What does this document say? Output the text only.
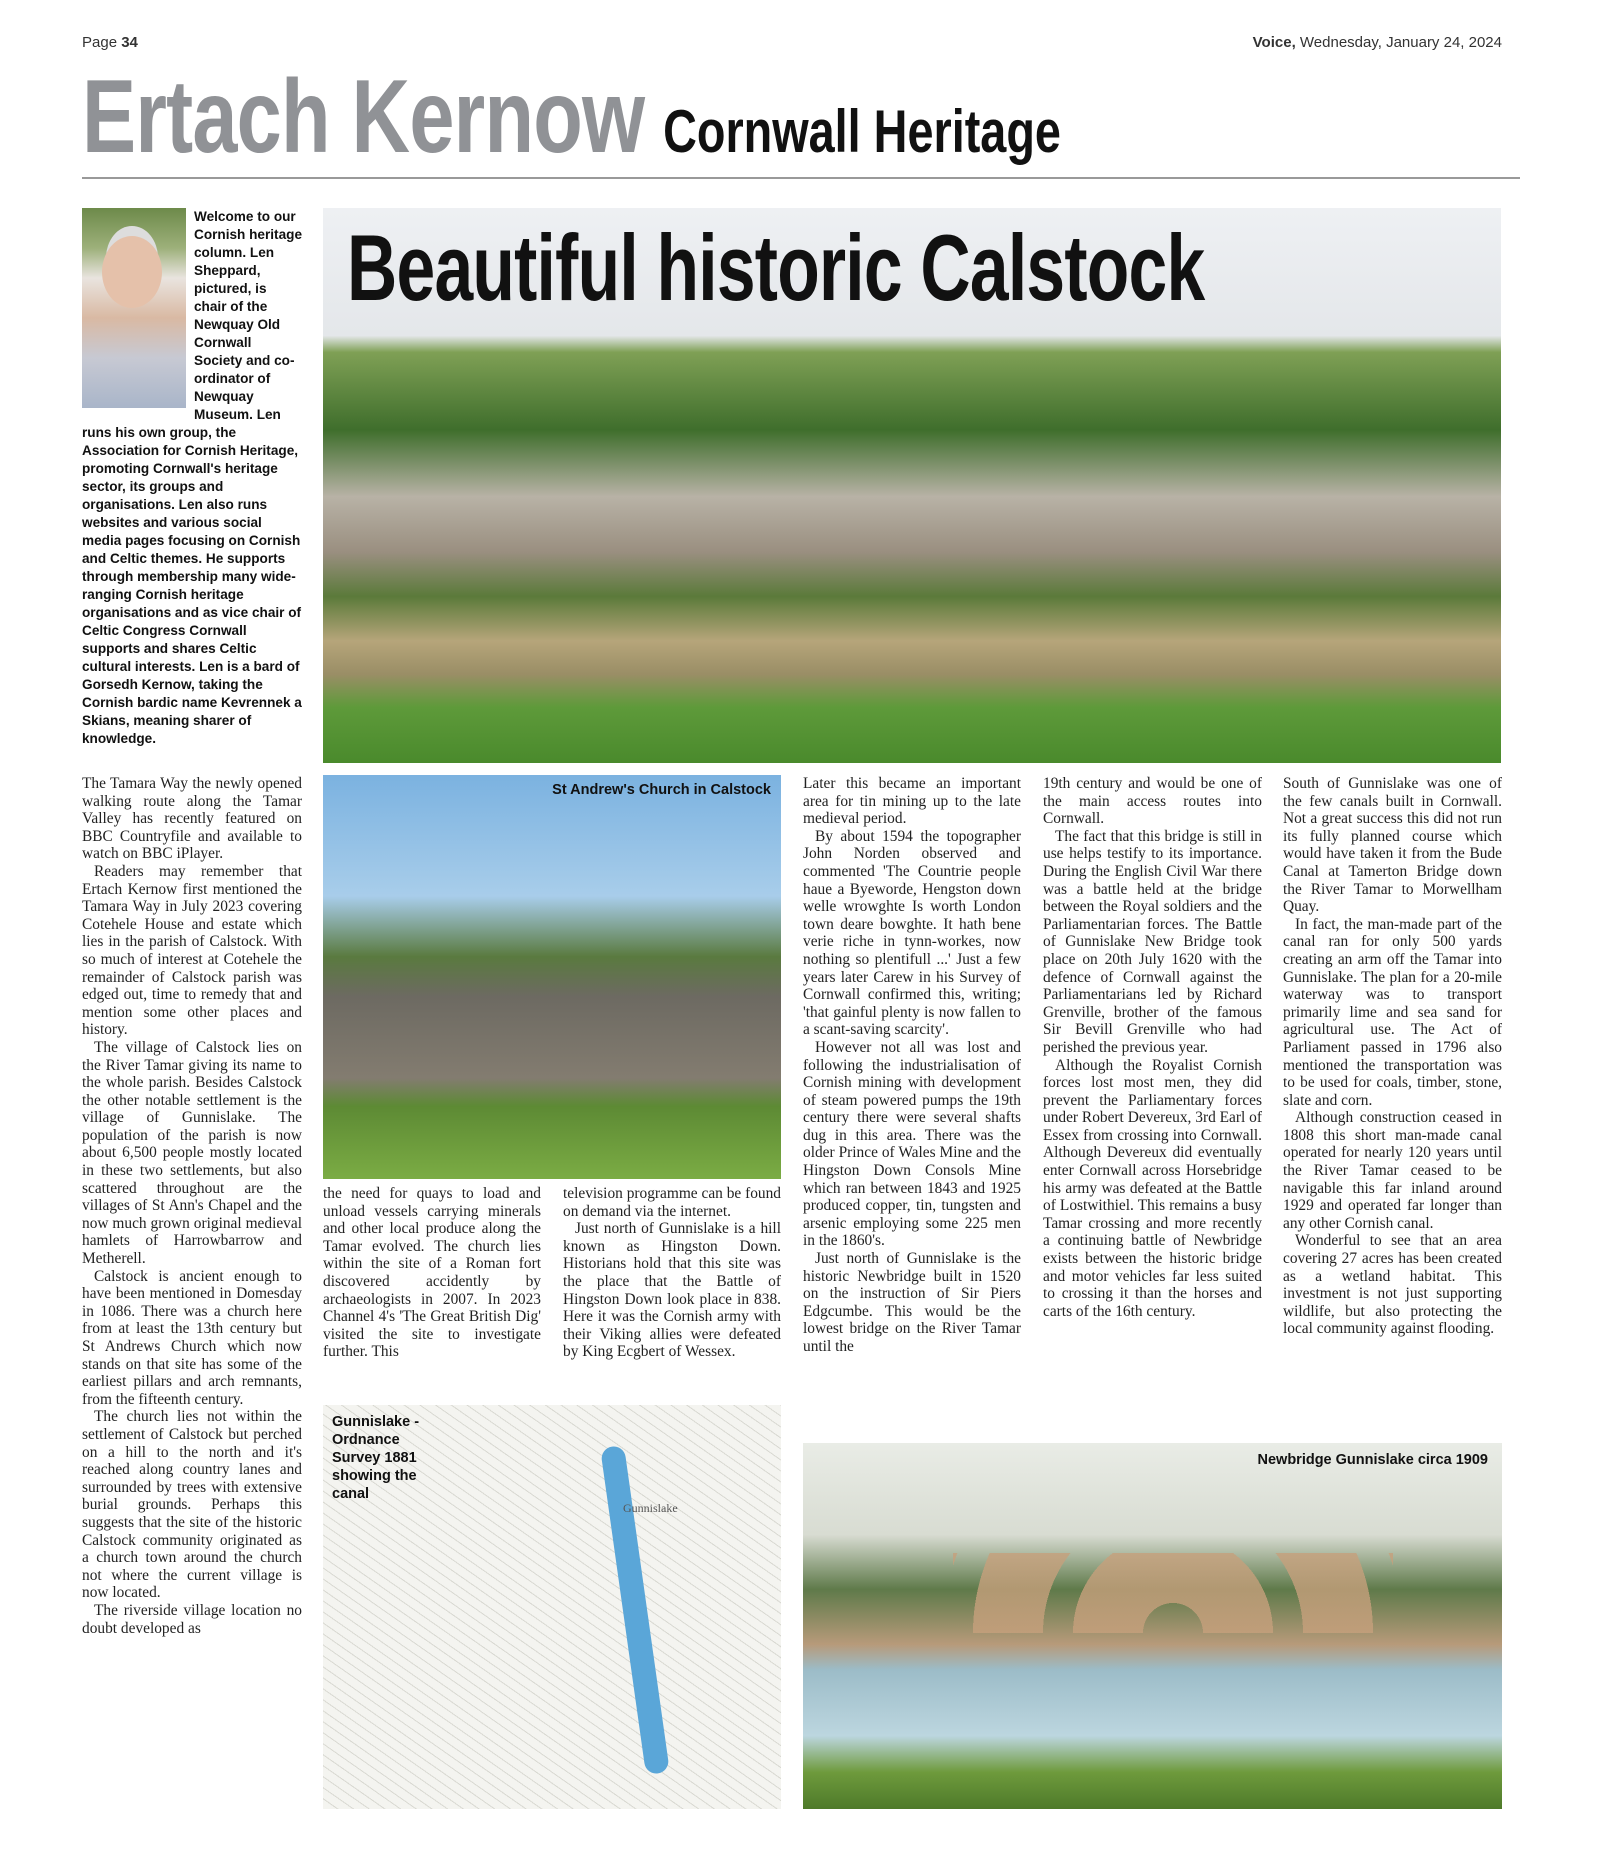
Page 34	Voice, Wednesday, January 24, 2024
Ertach Kernow Cornwall Heritage
Welcome to our Cornish heritage column. Len Sheppard, pictured, is chair of the Newquay Old Cornwall Society and co-ordinator of Newquay Museum. Len runs his own group, the Association for Cornish Heritage, promoting Cornwall's heritage sector, its groups and organisations. Len also runs websites and various social media pages focusing on Cornish and Celtic themes. He supports through membership many wide-ranging Cornish heritage organisations and as vice chair of Celtic Congress Cornwall supports and shares Celtic cultural interests. Len is a bard of Gorsedh Kernow, taking the Cornish bardic name Kevrennek a Skians, meaning sharer of knowledge.
Beautiful historic Calstock
St Andrew's Church in Calstock
Gunnislake
Gunnislake - Ordnance Survey 1881 showing the canal
Newbridge Gunnislake circa 1909

The Tamara Way the newly opened walking route along the Tamar Valley has recently featured on BBC Countryfile and available to watch on BBC iPlayer.

Readers may remember that Ertach Kernow first mentioned the Tamara Way in July 2023 covering Cotehele House and estate which lies in the parish of Calstock. With so much of interest at Cotehele the remainder of Calstock parish was edged out, time to remedy that and mention some other places and history.

The village of Calstock lies on the River Tamar giving its name to the whole parish. Besides Calstock the other notable settlement is the village of Gunnislake. The population of the parish is now about 6,500 people mostly located in these two settlements, but also scattered throughout are the villages of St Ann's Chapel and the now much grown original medieval hamlets of Harrowbarrow and Metherell.

Calstock is ancient enough to have been mentioned in Domesday in 1086. There was a church here from at least the 13th century but St Andrews Church which now stands on that site has some of the earliest pillars and arch remnants, from the fifteenth century.

The church lies not within the settlement of Calstock but perched on a hill to the north and it's reached along country lanes and surrounded by trees with extensive burial grounds. Perhaps this suggests that the site of the historic Calstock community originated as a church town around the church not where the current village is now located.

The riverside village location no doubt developed as

the need for quays to load and unload vessels carrying minerals and other local produce along the Tamar evolved. The church lies within the site of a Roman fort discovered accidently by archaeologists in 2007. In 2023 Channel 4's 'The Great British Dig' visited the site to investigate further. This

television programme can be found on demand via the internet.

Just north of Gunnislake is a hill known as Hingston Down. Historians hold that this site was the place that the Battle of Hingston Down look place in 838. Here it was the Cornish army with their Viking allies were defeated by King Ecgbert of Wessex.

Later this became an important area for tin mining up to the late medieval period.

By about 1594 the topographer John Norden observed and commented 'The Countrie people haue a Byeworde, Hengston down welle wrowghte Is worth London town deare bowghte. It hath bene verie riche in tynn-workes, now nothing so plentifull ...' Just a few years later Carew in his Survey of Cornwall confirmed this, writing; 'that gainful plenty is now fallen to a scant-saving scarcity'.

However not all was lost and following the industrialisation of Cornish mining with development of steam powered pumps the 19th century there were several shafts dug in this area. There was the older Prince of Wales Mine and the Hingston Down Consols Mine which ran between 1843 and 1925 produced copper, tin, tungsten and arsenic employing some 225 men in the 1860's.

Just north of Gunnislake is the historic Newbridge built in 1520 on the instruction of Sir Piers Edgcumbe. This would be the lowest bridge on the River Tamar until the

19th century and would be one of the main access routes into Cornwall.

The fact that this bridge is still in use helps testify to its importance. During the English Civil War there was a battle held at the bridge between the Royal soldiers and the Parliamentarian forces. The Battle of Gunnislake New Bridge took place on 20th July 1620 with the defence of Cornwall against the Parliamentarians led by Richard Grenville, brother of the famous Sir Bevill Grenville who had perished the previous year.

Although the Royalist Cornish forces lost most men, they did prevent the Parliamentary forces under Robert Devereux, 3rd Earl of Essex from crossing into Cornwall. Although Devereux did eventually enter Cornwall across Horsebridge his army was defeated at the Battle of Lostwithiel. This remains a busy Tamar crossing and more recently a continuing battle of Newbridge exists between the historic bridge and motor vehicles far less suited to crossing it than the horses and carts of the 16th century.

South of Gunnislake was one of the few canals built in Cornwall. Not a great success this did not run its fully planned course which would have taken it from the Bude Canal at Tamerton Bridge down the River Tamar to Morwellham Quay.

In fact, the man-made part of the canal ran for only 500 yards creating an arm off the Tamar into Gunnislake. The plan for a 20-mile waterway was to transport primarily lime and sea sand for agricultural use. The Act of Parliament passed in 1796 also mentioned the transportation was to be used for coals, timber, stone, slate and corn.

Although construction ceased in 1808 this short man-made canal operated for nearly 120 years until the River Tamar ceased to be navigable this far inland around 1929 and operated far longer than any other Cornish canal.

Wonderful to see that an area covering 27 acres has been created as a wetland habitat. This investment is not just supporting wildlife, but also protecting the local community against flooding.
